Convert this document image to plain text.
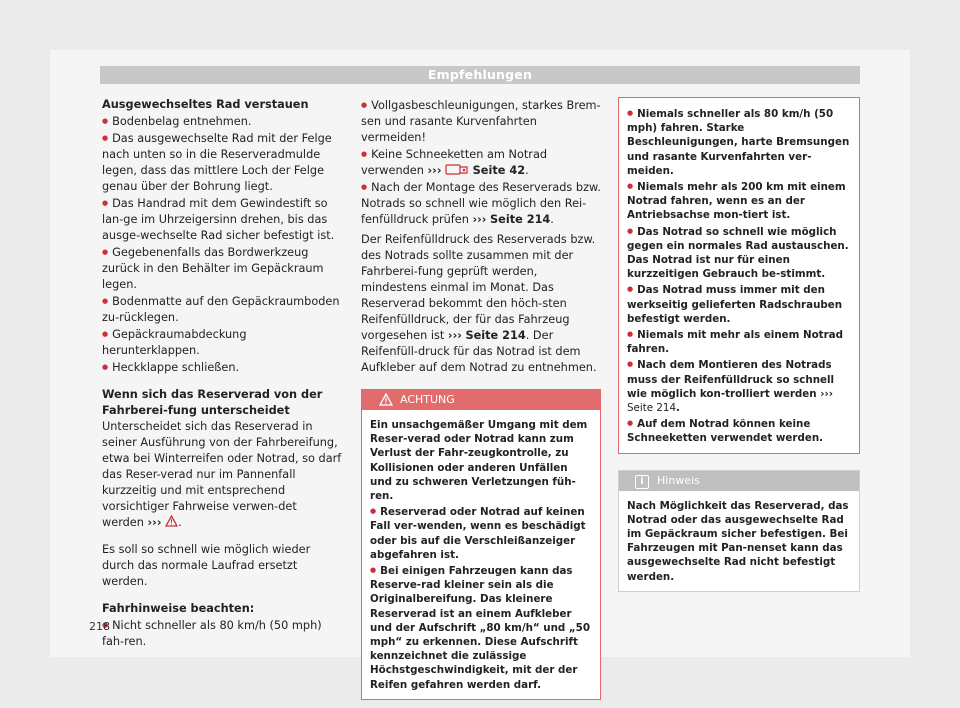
Empfehlungen

Ausgewechseltes Rad verstauen

● Bodenbelag entnehmen.

● Das ausgewechselte Rad mit der Felge nach unten so in die Reserveradmulde legen, dass das mittlere Loch der Felge genau über der Bohrung liegt.

● Das Handrad mit dem Gewindestift so lan-ge im Uhrzeigersinn drehen, bis das ausge-wechselte Rad sicher befestigt ist.

● Gegebenenfalls das Bordwerkzeug zurück in den Behälter im Gepäckraum legen.

● Bodenmatte auf den Gepäckraumboden zu-rücklegen.

● Gepäckraumabdeckung herunterklappen.

● Heckklappe schließen.

Wenn sich das Reserverad von der Fahrberei-fung unterscheidet

Unterscheidet sich das Reserverad in seiner Ausführung von der Fahrbereifung, etwa bei Winterreifen oder Notrad, so darf das Reser-verad nur im Pannenfall kurzzeitig und mit entsprechend vorsichtiger Fahrweise verwen-det werden ››› .

Es soll so schnell wie möglich wieder durch das normale Laufrad ersetzt werden.

Fahrhinweise beachten:

● Nicht schneller als 80 km/h (50 mph) fah-ren.

● Vollgasbeschleunigungen, starkes Brem-sen und rasante Kurvenfahrten vermeiden!

● Keine Schneeketten am Notrad verwenden ›››	Seite 42.

● Nach der Montage des Reserverads bzw. Notrads so schnell wie möglich den Rei-fenfülldruck prüfen ››› Seite 214.

Der Reifenfülldruck des Reserverads bzw. des Notrads sollte zusammen mit der Fahrberei-fung geprüft werden, mindestens einmal im Monat. Das Reserverad bekommt den höch-sten Reifenfülldruck, der für das Fahrzeug vorgesehen ist ››› Seite 214. Der Reifenfüll-druck für das Notrad ist dem Aufkleber auf dem Notrad zu entnehmen.

ACHTUNG

Ein unsachgemäßer Umgang mit dem Reser-verad oder Notrad kann zum Verlust der Fahr-zeugkontrolle, zu Kollisionen oder anderen Unfällen und zu schweren Verletzungen füh-ren.

● Reserverad oder Notrad auf keinen Fall ver-wenden, wenn es beschädigt oder bis auf die Verschleißanzeiger abgefahren ist.

● Bei einigen Fahrzeugen kann das Reserve-rad kleiner sein als die Originalbereifung. Das kleinere Reserverad ist an einem Aufkleber und der Aufschrift „80 km/h“ und „50 mph“ zu erkennen. Diese Aufschrift kennzeichnet die zulässige Höchstgeschwindigkeit, mit der der Reifen gefahren werden darf.

● Niemals schneller als 80 km/h (50 mph) fahren. Starke Beschleunigungen, harte Bremsungen und rasante Kurvenfahrten ver-meiden.

● Niemals mehr als 200 km mit einem Notrad fahren, wenn es an der Antriebsachse mon-tiert ist.

● Das Notrad so schnell wie möglich gegen ein normales Rad austauschen. Das Notrad ist nur für einen kurzzeitigen Gebrauch be-stimmt.

● Das Notrad muss immer mit den werkseitig gelieferten Radschrauben befestigt werden.

● Niemals mit mehr als einem Notrad fahren.

● Nach dem Montieren des Notrads muss der Reifenfülldruck so schnell wie möglich kon-trolliert werden ››› Seite 214.

● Auf dem Notrad können keine Schneeketten verwendet werden.

i	Hinweis

Nach Möglichkeit das Reserverad, das Notrad oder das ausgewechselte Rad im Gepäckraum sicher befestigen. Bei Fahrzeugen mit Pan-nenset kann das ausgewechselte Rad nicht befestigt werden.

218
